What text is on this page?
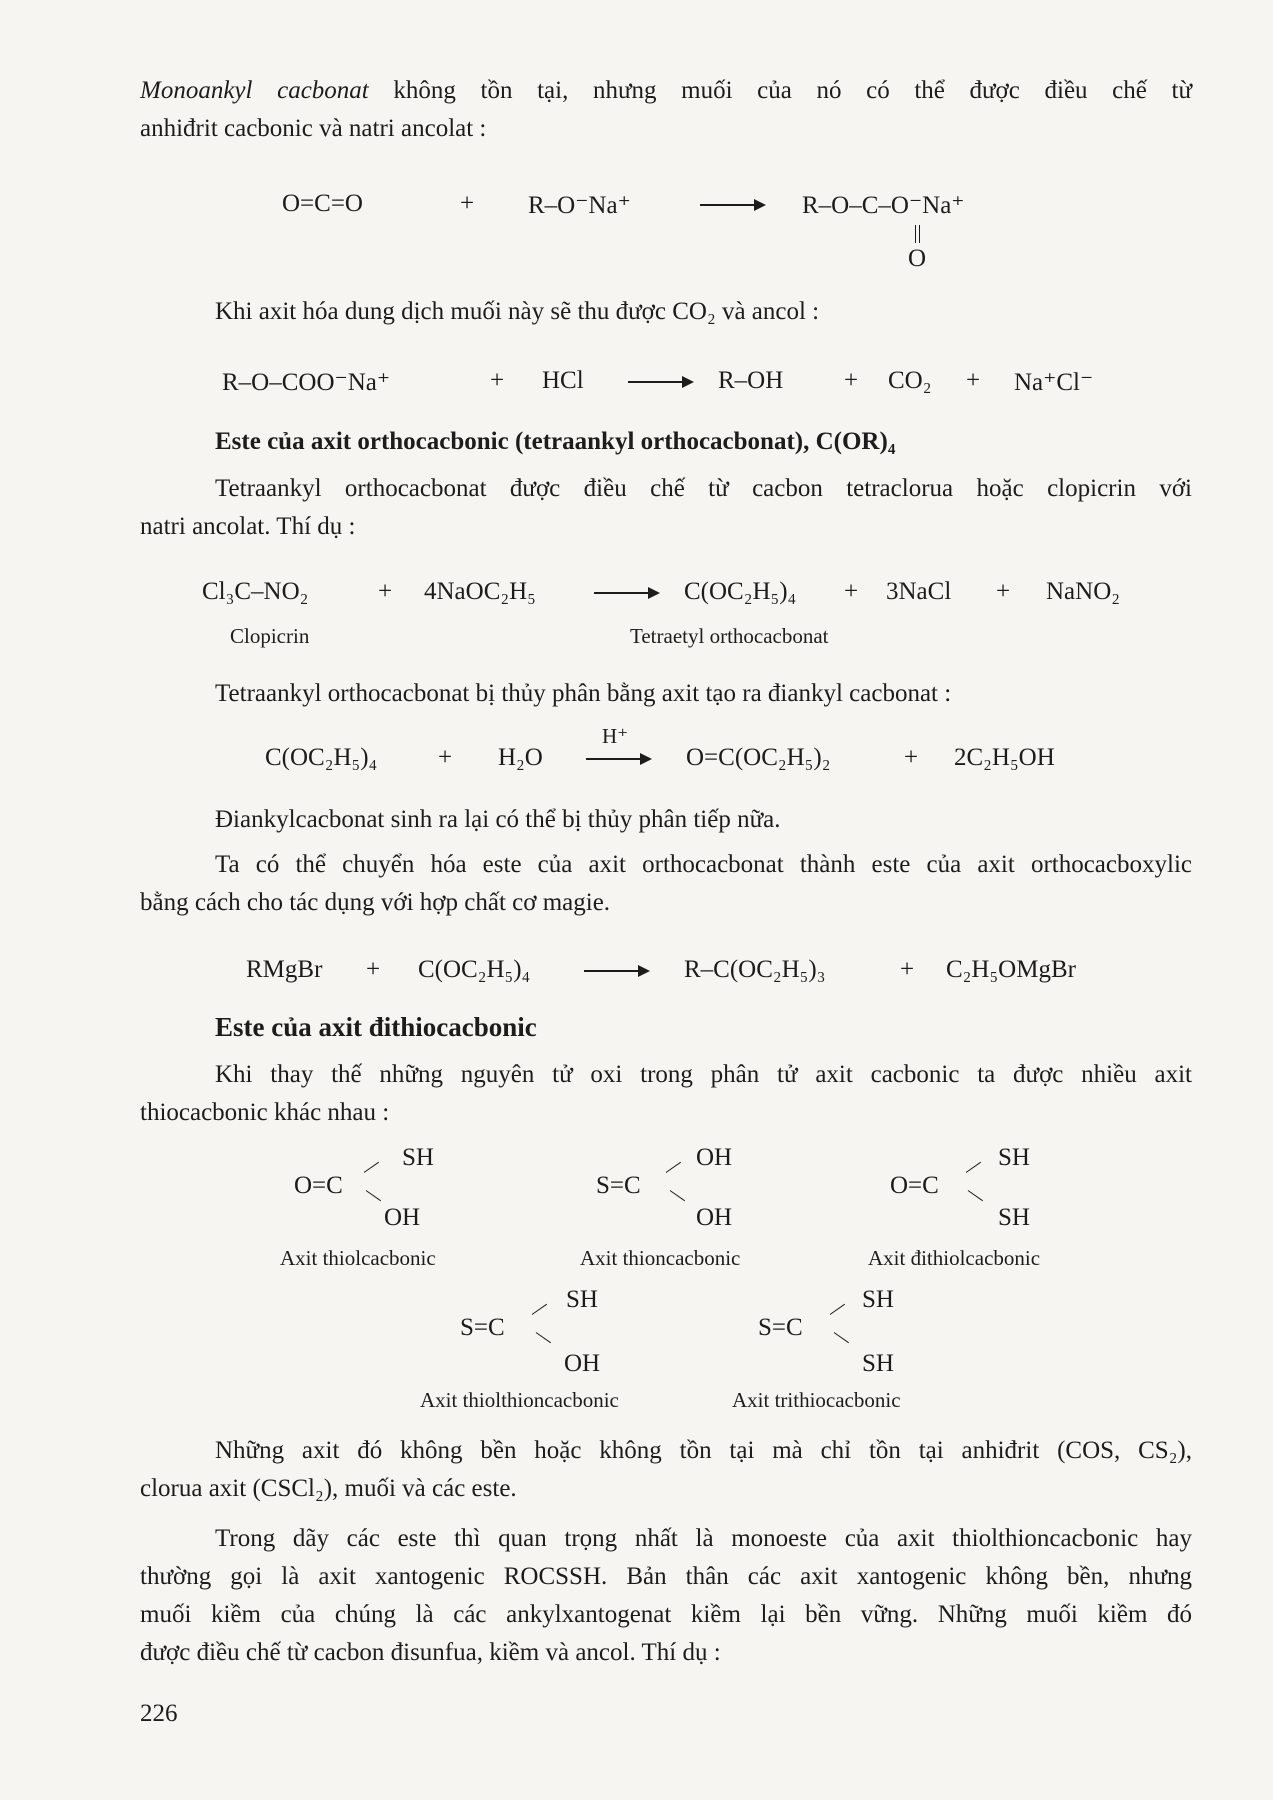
Monoankyl cacbonat không tồn tại, nhưng muối của nó có thể được điều chế từ
anhiđrit cacbonic và natri ancolat :
O=C=O	+ R–O⁻Na⁺	R–O–C–O⁻Na⁺
O
Khi axit hóa dung dịch muối này sẽ thu được CO₂ và ancol :
R–O–COO⁻Na⁺	+ HCl	R–OH + CO₂ + Na⁺Cl⁻
Este của axit orthocacbonic (tetraankyl orthocacbonat), C(OR)₄
Tetraankyl orthocacbonat được điều chế từ cacbon tetraclorua hoặc clopicrin với
natri ancolat. Thí dụ :
Cl₃C–NO₂	+ 4NaOC₂H₅	C(OC₂H₅)₄ + 3NaCl + NaNO₂
Clopicrin	Tetraetyl orthocacbonat
Tetraankyl orthocacbonat bị thủy phân bằng axit tạo ra điankyl cacbonat :
C(OC₂H₅)₄ + H₂O
H⁺
O=C(OC₂H₅)₂	+ 2C₂H₅OH
Điankylcacbonat sinh ra lại có thể bị thủy phân tiếp nữa.
Ta có thể chuyển hóa este của axit orthocacbonat thành este của axit orthocacboxylic
bằng cách cho tác dụng với hợp chất cơ magie.
RMgBr + C(OC₂H₅)₄	R–C(OC₂H₅)₃	+ C₂H₅OMgBr
Este của axit đithiocacbonic
Khi thay thế những nguyên tử oxi trong phân tử axit cacbonic ta được nhiều axit
thiocacbonic khác nhau :
SH
O=C
OH
Axit thiolcacbonic
OH
S=C
OH
Axit thioncacbonic
SH
O=C
SH
Axit đithiolcacbonic
SH
S=C
OH
Axit thiolthioncacbonic
SH
S=C
SH
Axit trithiocacbonic
Những axit đó không bền hoặc không tồn tại mà chỉ tồn tại anhiđrit (COS, CS₂),
clorua axit (CSCl₂), muối và các este.
Trong dãy các este thì quan trọng nhất là monoeste của axit thiolthioncacbonic hay
thường gọi là axit xantogenic ROCSSH. Bản thân các axit xantogenic không bền, nhưng
muối kiềm của chúng là các ankylxantogenat kiềm lại bền vững. Những muối kiềm đó
được điều chế từ cacbon đisunfua, kiềm và ancol. Thí dụ :
226
